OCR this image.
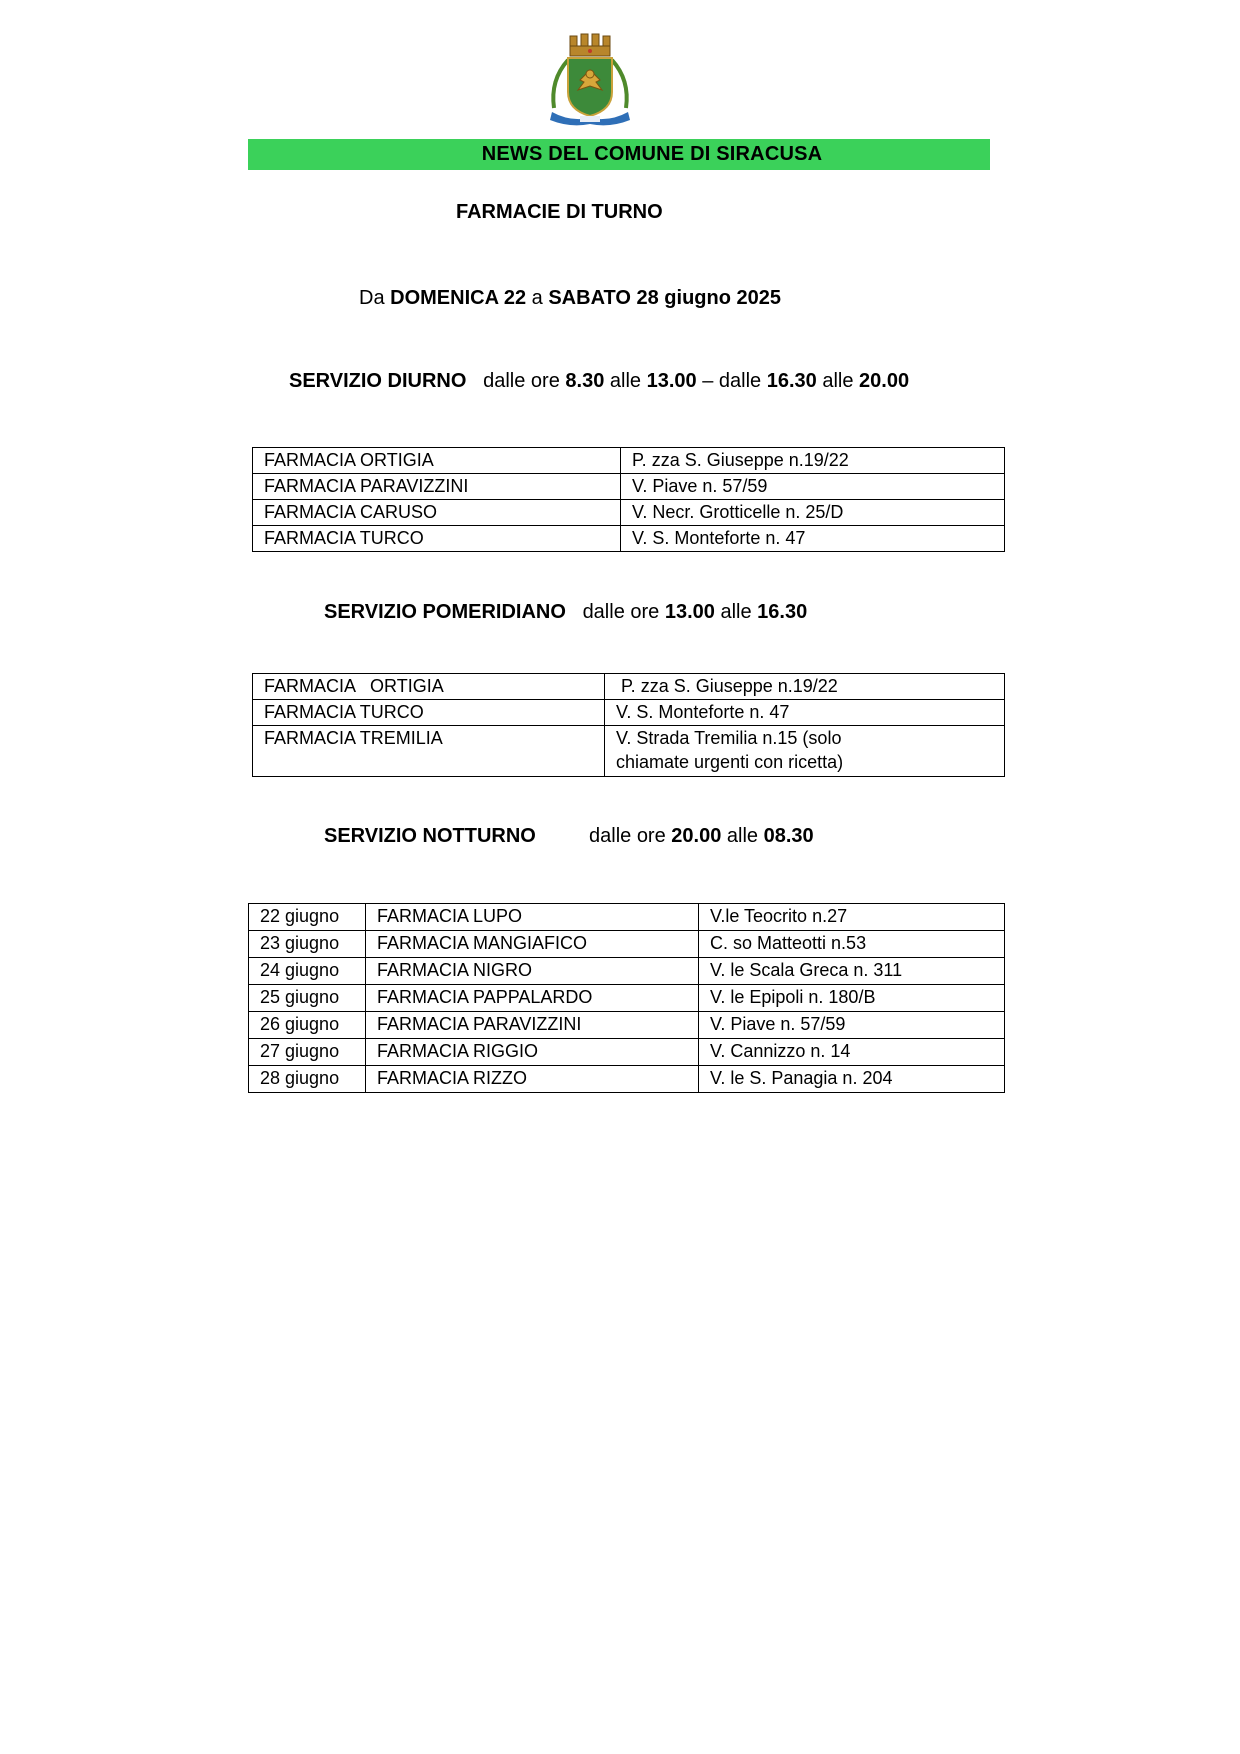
NEWS DEL COMUNE DI SIRACUSA
FARMACIE DI TURNO
Da DOMENICA 22 a SABATO 28 giugno 2025
SERVIZIO DIURNO dalle ore 8.30 alle 13.00 – dalle 16.30 alle 20.00
FARMACIA ORTIGIA	P. zza S. Giuseppe n.19/22
FARMACIA PARAVIZZINI	V. Piave n. 57/59
FARMACIA CARUSO	V. Necr. Grotticelle n. 25/D
FARMACIA TURCO	V. S. Monteforte n. 47
SERVIZIO POMERIDIANO dalle ore 13.00 alle 16.30
FARMACIA   ORTIGIA	P. zza S. Giuseppe n.19/22
FARMACIA TURCO	V. S. Monteforte n. 47
FARMACIA TREMILIA	V. Strada Tremilia n.15 (solo chiamate urgenti con ricetta)
SERVIZIO NOTTURNO	dalle ore 20.00 alle 08.30
22 giugno	FARMACIA LUPO	V.le Teocrito n.27
23 giugno	FARMACIA MANGIAFICO	C. so Matteotti n.53
24 giugno	FARMACIA NIGRO	V. le Scala Greca n. 311
25 giugno	FARMACIA PAPPALARDO	V. le Epipoli n. 180/B
26 giugno	FARMACIA PARAVIZZINI	V. Piave n. 57/59
27 giugno	FARMACIA RIGGIO	V. Cannizzo n. 14
28 giugno	FARMACIA RIZZO	V. le S. Panagia n. 204
